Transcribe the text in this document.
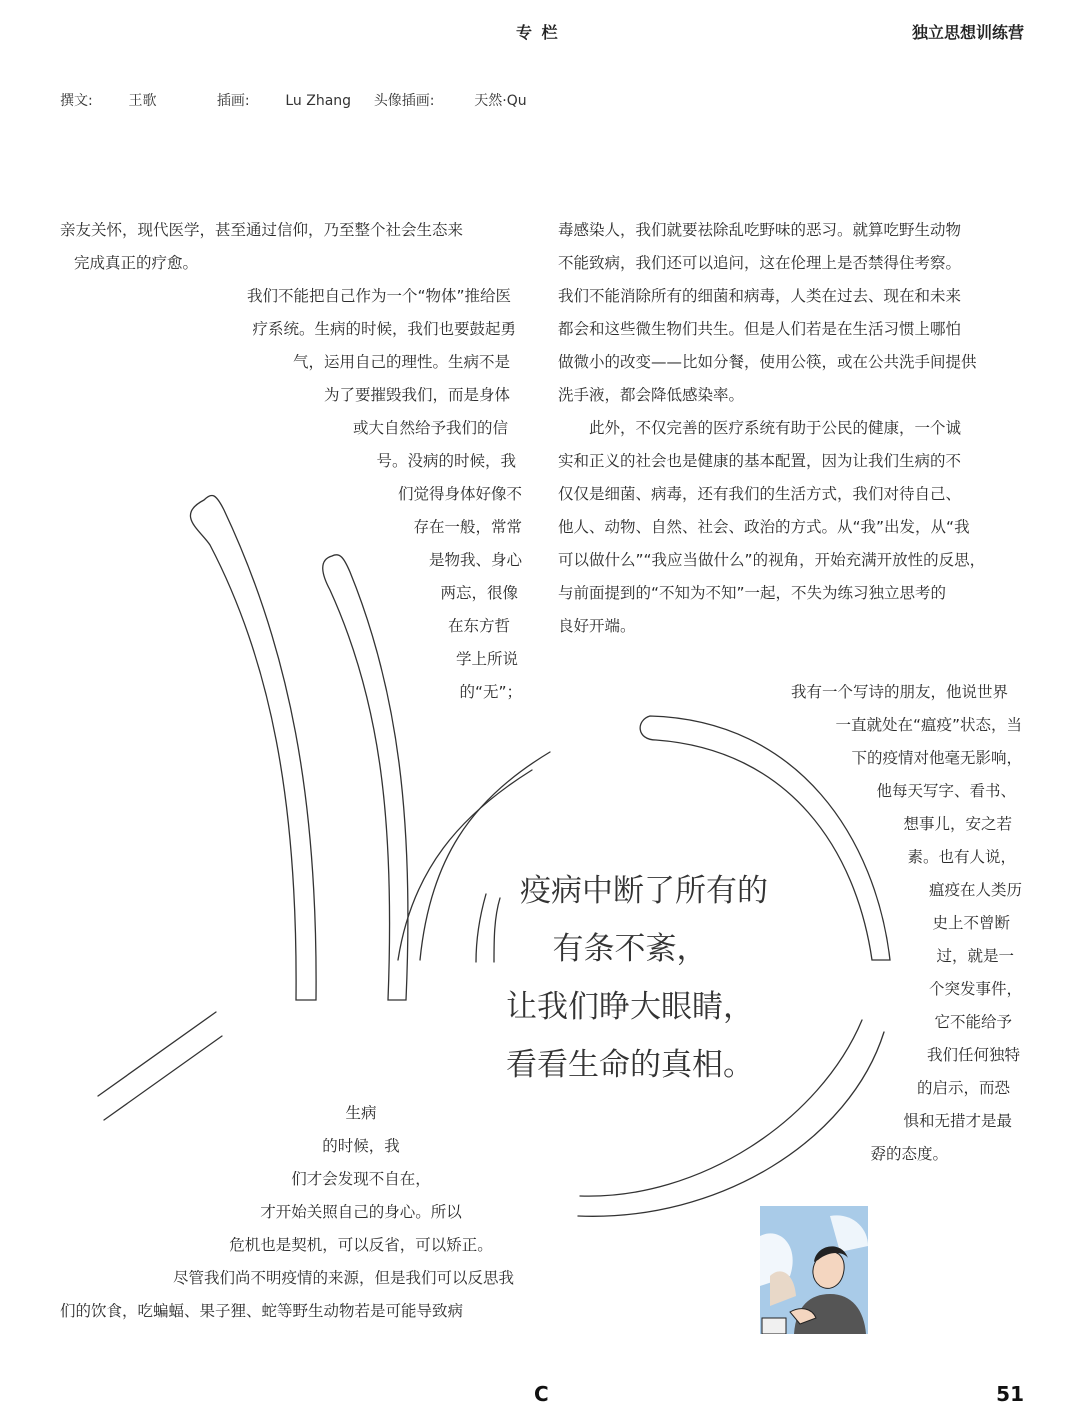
专 栏	独立思想训练营
撰文:	王歌	插画:	Lu Zhang 头像插画:	天然·Qu

亲友关怀，现代医学，甚至通过信仰，乃至整个社会生态来
完成真正的疗愈。
我们不能把自己作为一个“物体”推给医
疗系统。生病的时候，我们也要鼓起勇
气，运用自己的理性。生病不是
为了要摧毁我们，而是身体
或大自然给予我们的信
号。没病的时候，我
们觉得身体好像不
存在一般，常常
是物我、身心
两忘，很像
在东方哲
学上所说
的“无”；

毒感染人，我们就要祛除乱吃野味的恶习。就算吃野生动物
不能致病，我们还可以追问，这在伦理上是否禁得住考察。
我们不能消除所有的细菌和病毒，人类在过去、现在和未来
都会和这些微生物们共生。但是人们若是在生活习惯上哪怕
做微小的改变——比如分餐，使用公筷，或在公共洗手间提供
洗手液，都会降低感染率。

此外，不仅完善的医疗系统有助于公民的健康，一个诚
实和正义的社会也是健康的基本配置，因为让我们生病的不
仅仅是细菌、病毒，还有我们的生活方式，我们对待自己、
他人、动物、自然、社会、政治的方式。从“我”出发，从“我
可以做什么”“我应当做什么”的视角，开始充满开放性的反思，
与前面提到的“不知为不知”一起，不失为练习独立思考的
良好开端。

我有一个写诗的朋友，他说世界
一直就处在“瘟疫”状态，当
下的疫情对他毫无影响，
他每天写字、看书、
想事儿，安之若
素。也有人说，
瘟疫在人类历
史上不曾断
过，就是一
个突发事件，
它不能给予
我们任何独特
的启示，而恐
惧和无措才是最
孬的态度。

疫病中断了所有的
有条不紊，
让我们睁大眼睛，
看看生命的真相。

生病
的时候，我
们才会发现不自在，
才开始关照自己的身心。所以
危机也是契机，可以反省，可以矫正。
尽管我们尚不明疫情的来源，但是我们可以反思我
们的饮食，吃蝙蝠、果子狸、蛇等野生动物若是可能导致病

C	51
